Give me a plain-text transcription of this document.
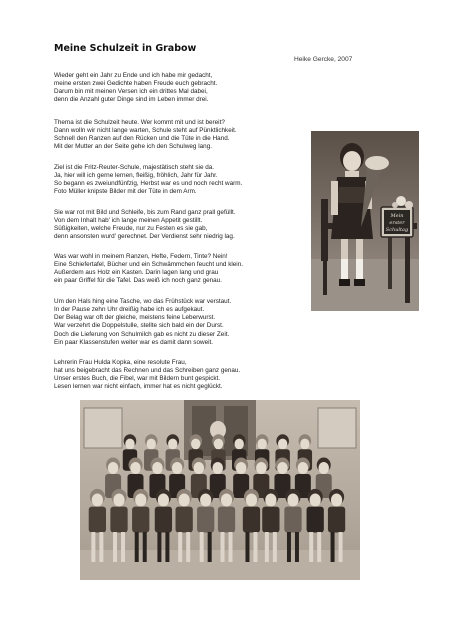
Meine Schulzeit in Grabow
Heike Gercke, 2007
Wieder geht ein Jahr zu Ende und ich habe mir gedacht,
meine ersten zwei Gedichte haben Freude euch gebracht.
Darum bin mit meinen Versen ich ein drittes Mal dabei,
denn die Anzahl guter Dinge sind im Leben immer drei.
Thema ist die Schulzeit heute. Wer kommt mit und ist bereit?
Dann wolln wir nicht lange warten, Schule steht auf Pünktlichkeit.
Schnell den Ranzen auf den Rücken und die Tüte in die Hand.
Mit der Mutter an der Seite gehe ich den Schulweg lang.
Ziel ist die Fritz-Reuter-Schule, majestätisch steht sie da.
Ja, hier will ich gerne lernen, fleißig, fröhlich, Jahr für Jahr.
So begann es zweiundfünfzig, Herbst war es und noch recht warm.
Foto Müller knipste Bilder mit der Tüte in dem Arm.
Sie war rot mit Bild und Schleife, bis zum Rand ganz prall gefüllt.
Von dem Inhalt hab' ich lange meinen Appetit gestillt.
Süßigkeiten, welche Freude, nur zu Festen es sie gab,
denn ansonsten wurd' gerechnet. Der Verdienst sehr niedrig lag.
Was war wohl in meinem Ranzen, Hefte, Federn, Tinte? Nein!
Eine Schiefertafel, Bücher und ein Schwämmchen feucht und klein.
Außerdem aus Holz ein Kasten. Darin lagen lang und grau
ein paar Griffel für die Tafel. Das weiß ich noch ganz genau.
Um den Hals hing eine Tasche, wo das Frühstück war verstaut.
In der Pause zehn Uhr dreißig habe ich es aufgekaut.
Der Belag war oft der gleiche, meistens feine Leberwurst.
War verzehrt die Doppelstulle, stellte sich bald ein der Durst.
Doch die Lieferung von Schulmilch gab es nicht zu dieser Zeit.
Ein paar Klassenstufen weiter war es damit dann soweit.
Lehrerin Frau Hulda Kopka, eine resolute Frau,
hat uns beigebracht das Rechnen und das Schreiben ganz genau.
Unser erstes Buch, die Fibel, war mit Bildern bunt gespickt.
Lesen lernen war nicht einfach, immer hat es nicht geglückt.
Mein
erster
Schultag
